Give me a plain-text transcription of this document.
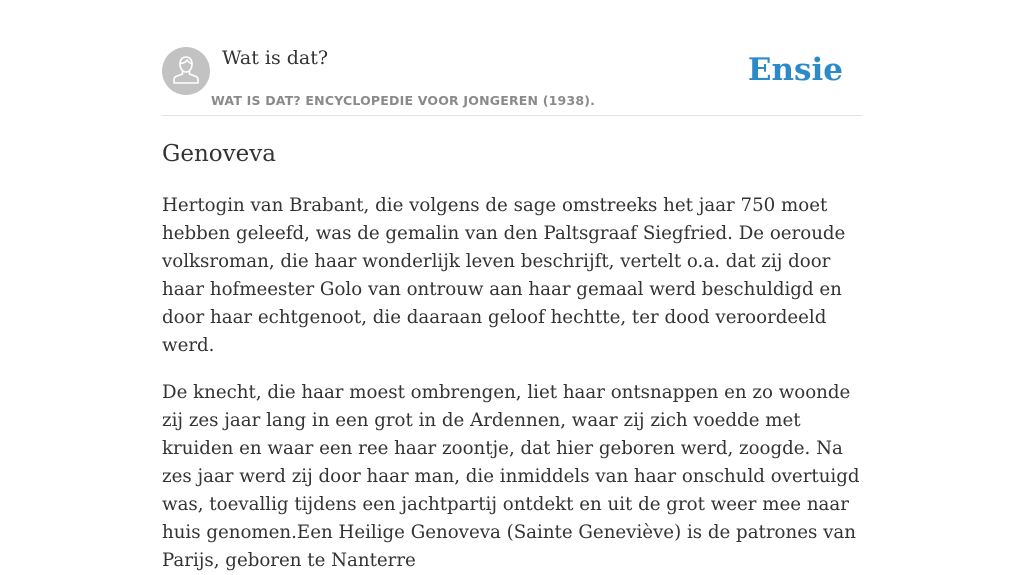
Wat is dat?
WAT IS DAT? ENCYCLOPEDIE VOOR JONGEREN (1938).
Ensie
Genoveva

Hertogin van Brabant, die volgens de sage omstreeks het jaar 750 moet hebben geleefd, was de gemalin van den Paltsgraaf Siegfried. De oeroude volksroman, die haar wonderlijk leven beschrijft, vertelt o.a. dat zij door haar hofmeester Golo van ontrouw aan haar gemaal werd beschuldigd en door haar echtgenoot, die daaraan geloof hechtte, ter dood veroordeeld werd.

De knecht, die haar moest ombrengen, liet haar ontsnappen en zo woonde zij zes jaar lang in een grot in de Ardennen, waar zij zich voedde met kruiden en waar een ree haar zoontje, dat hier geboren werd, zoogde. Na zes jaar werd zij door haar man, die inmiddels van haar onschuld overtuigd was, toevallig tijdens een jachtpartij ontdekt en uit de grot weer mee naar huis genomen.Een Heilige Genoveva (Sainte Geneviève) is de patrones van Parijs, geboren te Nanterre
